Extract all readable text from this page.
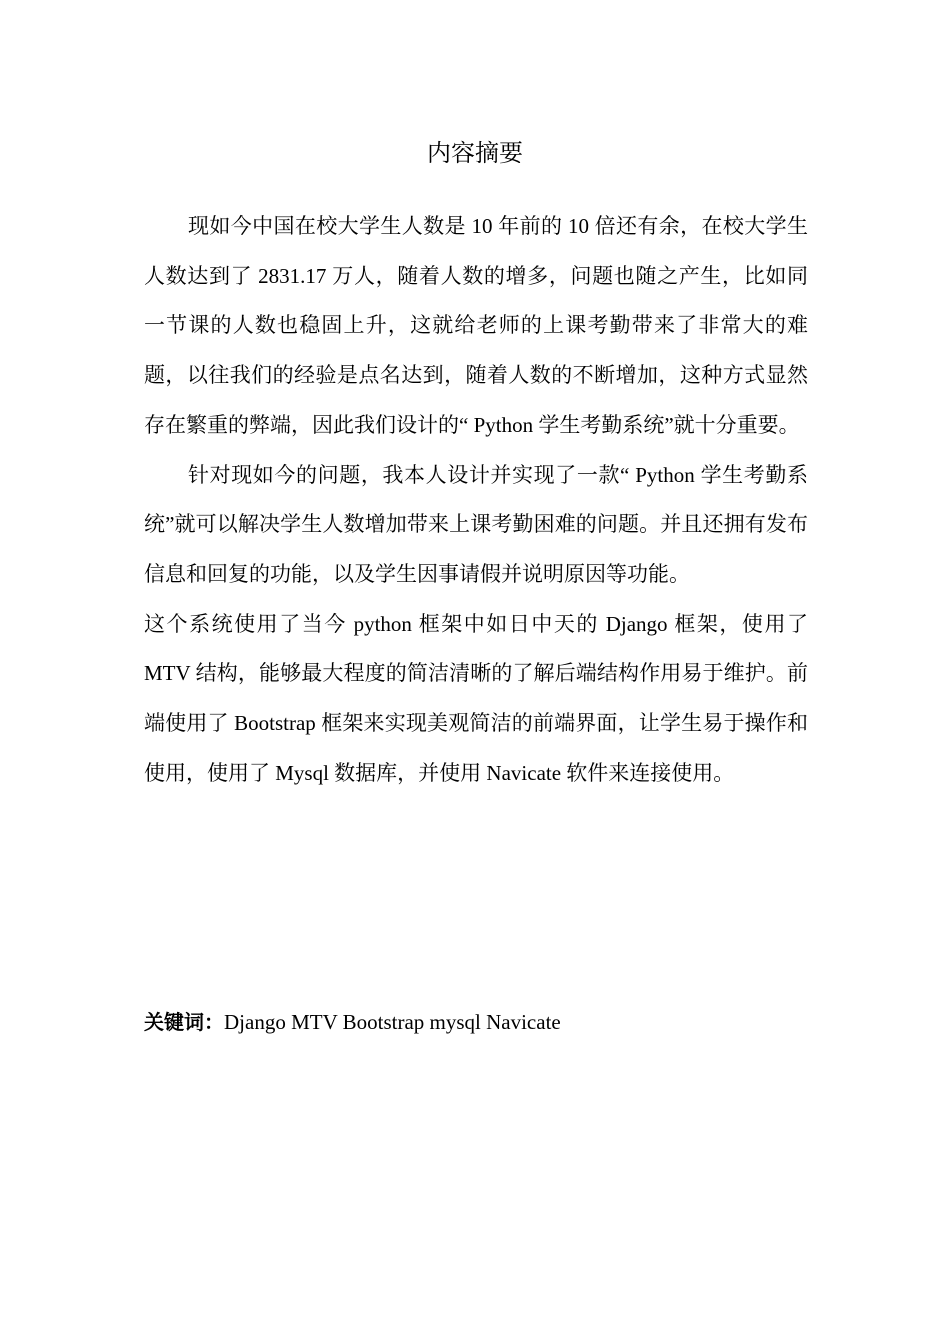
内容摘要

现如今中国在校大学生人数是 10 年前的 10 倍还有余，在校大学生人数达到了 2831.17 万人，随着人数的增多，问题也随之产生，比如同一节课的人数也稳固上升，这就给老师的上课考勤带来了非常大的难题，以往我们的经验是点名达到，随着人数的不断增加，这种方式显然存在繁重的弊端，因此我们设计的“ Python 学生考勤系统”就十分重要。

针对现如今的问题，我本人设计并实现了一款“ Python 学生考勤系统”就可以解决学生人数增加带来上课考勤困难的问题。并且还拥有发布信息和回复的功能，以及学生因事请假并说明原因等功能。

这个系统使用了当今 python 框架中如日中天的 Django 框架，使用了 MTV 结构，能够最大程度的简洁清晰的了解后端结构作用易于维护。前端使用了 Bootstrap 框架来实现美观简洁的前端界面，让学生易于操作和使用，使用了 Mysql 数据库，并使用 Navicate 软件来连接使用。

关键词：Django MTV Bootstrap mysql Navicate
